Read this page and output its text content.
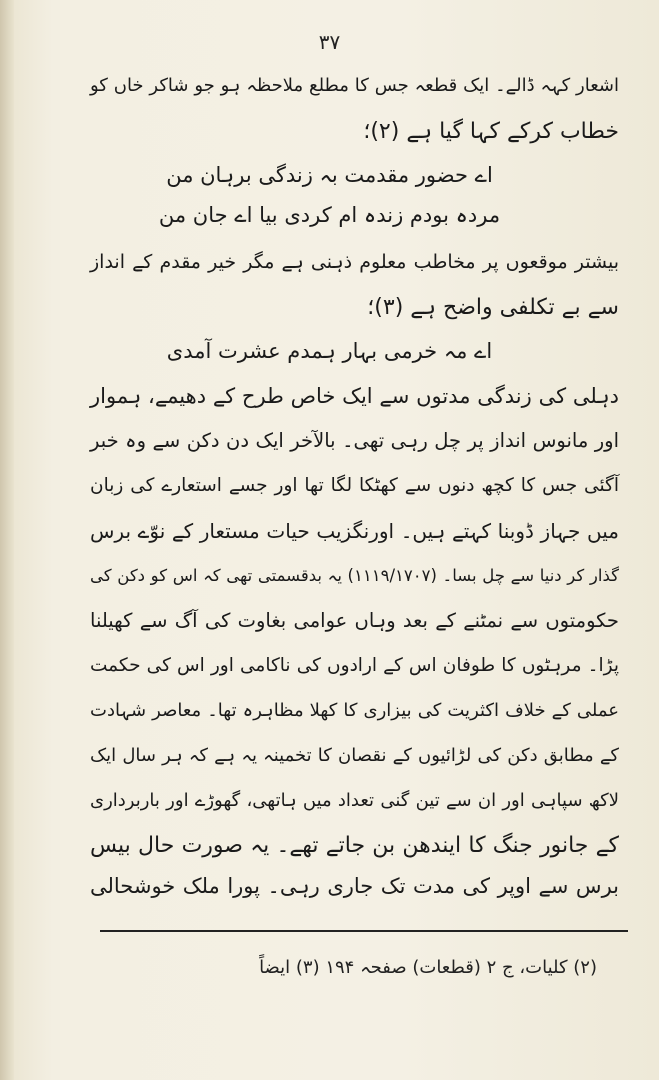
۳۷
اشعار کہہ ڈالے۔ ایک قطعہ جس کا مطلع ملاحظہ ہو جو شاکر خاں کو
خطاب کرکے کہا گیا ہے (۲)؛
اے حضور مقدمت بہ زندگی برہان من
مردہ بودم زندہ ام کردی بیا اے جان من
بیشتر موقعوں پر مخاطب معلوم ذہنی ہے مگر خیر مقدم کے انداز
سے بے تکلفی واضح ہے (۳)؛
اے مہ خرمی بہار ہمدم عشرت آمدی
دہلی کی زندگی مدتوں سے ایک خاص طرح کے دھیمے، ہموار
اور مانوس انداز پر چل رہی تھی۔ بالآخر ایک دن دکن سے وہ خبر
آگئی جس کا کچھ دنوں سے کھٹکا لگا تھا اور جسے استعارے کی زبان
میں جہاز ڈوبنا کہتے ہیں۔ اورنگزیب حیات مستعار کے نوّے برس
گذار کر دنیا سے چل بسا۔ (۱۱۱۹/۱۷۰۷) یہ بدقسمتی تھی کہ اس کو دکن کی
حکومتوں سے نمٹنے کے بعد وہاں عوامی بغاوت کی آگ سے کھیلنا
پڑا۔ مرہٹوں کا طوفان اس کے ارادوں کی ناکامی اور اس کی حکمت
عملی کے خلاف اکثریت کی بیزاری کا کھلا مظاہرہ تھا۔ معاصر شہادت
کے مطابق دکن کی لڑائیوں کے نقصان کا تخمینہ یہ ہے کہ ہر سال ایک
لاکھ سپاہی اور ان سے تین گنی تعداد میں ہاتھی، گھوڑے اور باربرداری
کے جانور جنگ کا ایندھن بن جاتے تھے۔ یہ صورت حال بیس
برس سے اوپر کی مدت تک جاری رہی۔ پورا ملک خوشحالی
(۲) کلیات، ج ۲ (قطعات) صفحہ ۱۹۴ (۳) ایضاً
